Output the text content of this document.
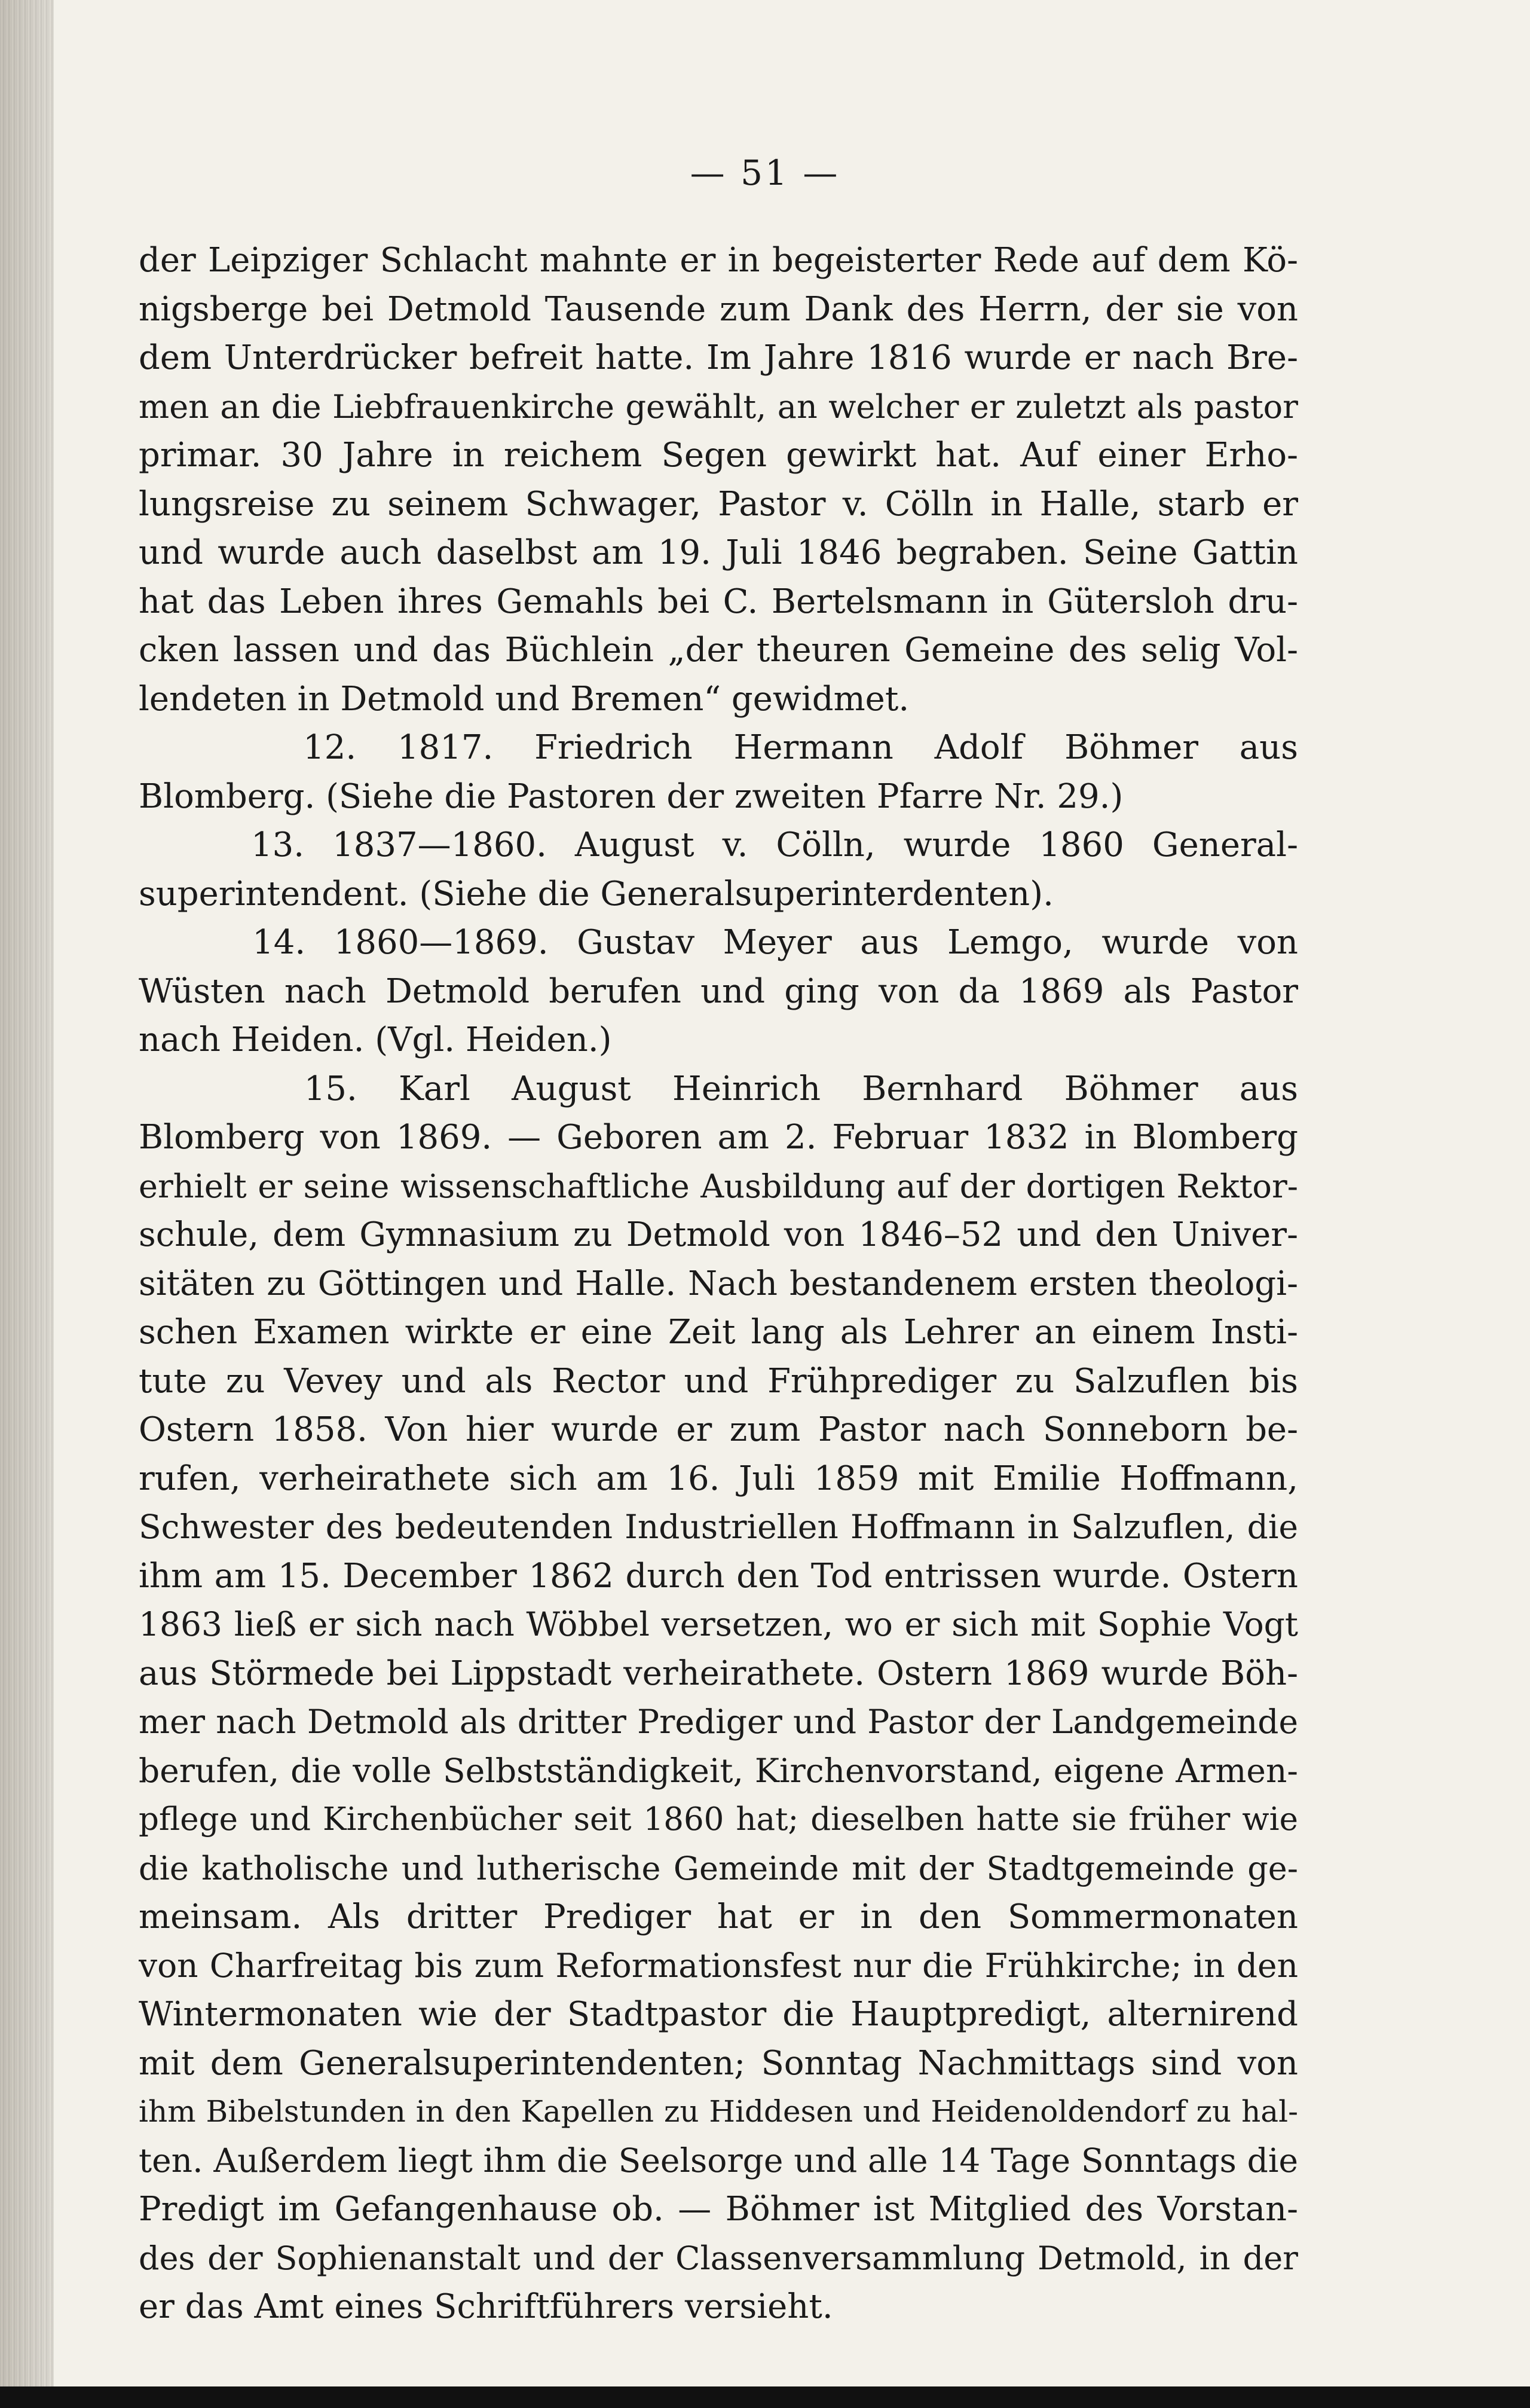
— 51 —
der Leipziger Schlacht mahnte er in begeisterter Rede auf dem Kö-
nigsberge bei Detmold Tausende zum Dank des Herrn, der sie von
dem Unterdrücker befreit hatte. Im Jahre 1816 wurde er nach Bre-
men an die Liebfrauenkirche gewählt, an welcher er zuletzt als pastor
primar. 30 Jahre in reichem Segen gewirkt hat. Auf einer Erho-
lungsreise zu seinem Schwager, Pastor v. Cölln in Halle, starb er
und wurde auch daselbst am 19. Juli 1846 begraben. Seine Gattin
hat das Leben ihres Gemahls bei C. Bertelsmann in Gütersloh dru-
cken lassen und das Büchlein „der theuren Gemeine des selig Vol-
lendeten in Detmold und Bremen“ gewidmet.
12. 1817. Friedrich Hermann Adolf Böhmer aus
Blomberg. (Siehe die Pastoren der zweiten Pfarre Nr. 29.)
13. 1837—1860. August v. Cölln, wurde 1860 General-
superintendent. (Siehe die Generalsuperinterdenten).
14. 1860—1869. Gustav Meyer aus Lemgo, wurde von
Wüsten nach Detmold berufen und ging von da 1869 als Pastor
nach Heiden. (Vgl. Heiden.)
15. Karl August Heinrich Bernhard Böhmer aus
Blomberg von 1869. — Geboren am 2. Februar 1832 in Blomberg
erhielt er seine wissenschaftliche Ausbildung auf der dortigen Rektor-
schule, dem Gymnasium zu Detmold von 1846–52 und den Univer-
sitäten zu Göttingen und Halle. Nach bestandenem ersten theologi-
schen Examen wirkte er eine Zeit lang als Lehrer an einem Insti-
tute zu Vevey und als Rector und Frühprediger zu Salzuflen bis
Ostern 1858. Von hier wurde er zum Pastor nach Sonneborn be-
rufen, verheirathete sich am 16. Juli 1859 mit Emilie Hoffmann,
Schwester des bedeutenden Industriellen Hoffmann in Salzuflen, die
ihm am 15. December 1862 durch den Tod entrissen wurde. Ostern
1863 ließ er sich nach Wöbbel versetzen, wo er sich mit Sophie Vogt
aus Störmede bei Lippstadt verheirathete. Ostern 1869 wurde Böh-
mer nach Detmold als dritter Prediger und Pastor der Landgemeinde
berufen, die volle Selbstständigkeit, Kirchenvorstand, eigene Armen-
pflege und Kirchenbücher seit 1860 hat; dieselben hatte sie früher wie
die katholische und lutherische Gemeinde mit der Stadtgemeinde ge-
meinsam. Als dritter Prediger hat er in den Sommermonaten
von Charfreitag bis zum Reformationsfest nur die Frühkirche; in den
Wintermonaten wie der Stadtpastor die Hauptpredigt, alternirend
mit dem Generalsuperintendenten; Sonntag Nachmittags sind von
ihm Bibelstunden in den Kapellen zu Hiddesen und Heidenoldendorf zu hal-
ten. Außerdem liegt ihm die Seelsorge und alle 14 Tage Sonntags die
Predigt im Gefangenhause ob. — Böhmer ist Mitglied des Vorstan-
des der Sophienanstalt und der Classenversammlung Detmold, in der
er das Amt eines Schriftführers versieht.
